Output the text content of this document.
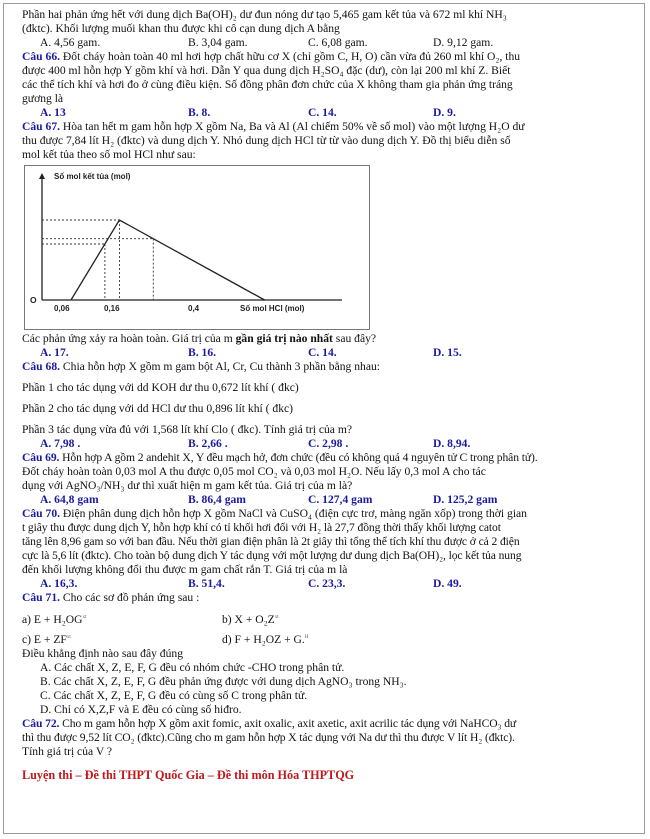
Phần hai phản ứng hết với dung dịch Ba(OH)₂ dư đun nóng dư tạo 5,465 gam kết tủa và 672 ml khí NH₃

(đktc). Khối lượng muối khan thu được khi cô cạn dung dịch A bằng

A. 4,56 gam.	B. 3,04 gam.	C. 6,08 gam.	D. 9,12 gam.

Câu 66. Đốt cháy hoàn toàn 40 ml hơi hợp chất hữu cơ X (chỉ gồm C, H, O) cần vừa đủ 260 ml khí O₂, thu

được 400 ml hỗn hợp Y gồm khí và hơi. Dẫn Y qua dung dịch H₂SO₄ đặc (dư), còn lại 200 ml khí Z. Biết

các thể tích khí và hơi đo ở cùng điều kiện. Số đồng phân đơn chức của X không tham gia phản ứng tráng

gương là

A. 13	B. 8.	C. 14.	D. 9.

Câu 67. Hòa tan hết m gam hỗn hợp X gồm Na, Ba và Al (Al chiếm 50% về số mol) vào một lượng H₂O dư

thu được 7,84 lít H₂ (đktc) và dung dịch Y. Nhỏ dung dịch HCl từ từ vào dung dịch Y. Đồ thị biểu diễn số

mol kết tủa theo số mol HCl như sau:

Số mol kết tủa (mol)
Số mol HCl (mol)
O
0,06	0,16	0,4

Các phản ứng xảy ra hoàn toàn. Giá trị của m gần giá trị nào nhất sau đây?

A. 17.	B. 16.	C. 14.	D. 15.

Câu 68. Chia hỗn hợp X gồm m gam bột Al, Cr, Cu thành 3 phần bằng nhau:

Phần 1 cho tác dụng với dd KOH dư thu 0,672 lít khí ( đkc)

Phần 2 cho tác dụng với dd HCl dư thu 0,896 lít khí ( đkc)

Phần 3 tác dụng vừa đủ với 1,568 lít khí Clo ( đkc). Tính giá trị của m?

A. 7,98 .	B. 2,66 .	C. 2,98 .	D. 8,94.

Câu 69. Hỗn hợp A gồm 2 andehit X, Y đều mạch hở, đơn chức (đều có không quá 4 nguyên tử C trong phân tử).

Đốt cháy hoàn toàn 0,03 mol A thu được 0,05 mol CO₂ và 0,03 mol H₂O. Nếu lấy 0,3 mol A cho tác

dụng với AgNO₃/NH₃ dư thì xuất hiện m gam kết tủa. Giá trị của m là?

A. 64,8 gam	B. 86,4 gam	C. 127,4 gam	D. 125,2 gam

Câu 70. Điện phân dung dịch hỗn hợp X gồm NaCl và CuSO₄ (điện cực trơ, màng ngăn xốp) trong thời gian

t giây thu được dung dịch Y, hỗn hợp khí có tỉ khối hơi đối với H₂ là 27,7 đồng thời thấy khối lượng catot

tăng lên 8,96 gam so với ban đầu. Nếu thời gian điện phân là 2t giây thì tổng thể tích khí thu được ở cả 2 điện

cực là 5,6 lít (đktc). Cho toàn bộ dung dịch Y tác dụng với một lượng dư dung dịch Ba(OH)₂, lọc kết tủa nung

đến khối lượng không đổi thu được m gam chất rắn T. Giá trị của m là

A. 16,3.	B. 51,4.	C. 23,3.	D. 49.

Câu 71. Cho các sơ đồ phản ứng sau :

a) $E + H_2OG^{xt}$	b) $X + O_2Z^{xt}$
c) $E + ZF^{xt}$	d) F + H₂OZ + G.$^H$

Điều khẳng định nào sau đây đúng

A. Các chất X, Z, E, F, G đều có nhóm chức -CHO trong phân tử.

B. Các chất X, Z, E, F, G đều phản ứng được với dung dịch AgNO₃ trong NH₃.

C. Các chất X, Z, E, F, G đều có cùng số C trong phân tử.

D. Chỉ có X,Z,F và E đều có cùng số hiđro.

Câu 72. Cho m gam hỗn hợp X gồm axit fomic, axit oxalic, axit axetic, axit acrilic tác dụng với NaHCO₃ dư

thì thu được 9,52 lít CO₂ (đktc).Cũng cho m gam hỗn hợp X tác dụng với Na dư thì thu được V lít H₂ (đktc).

Tính giá trị của V ?

Luyện thi – Đề thi THPT Quốc Gia – Đề thi môn Hóa THPTQG
